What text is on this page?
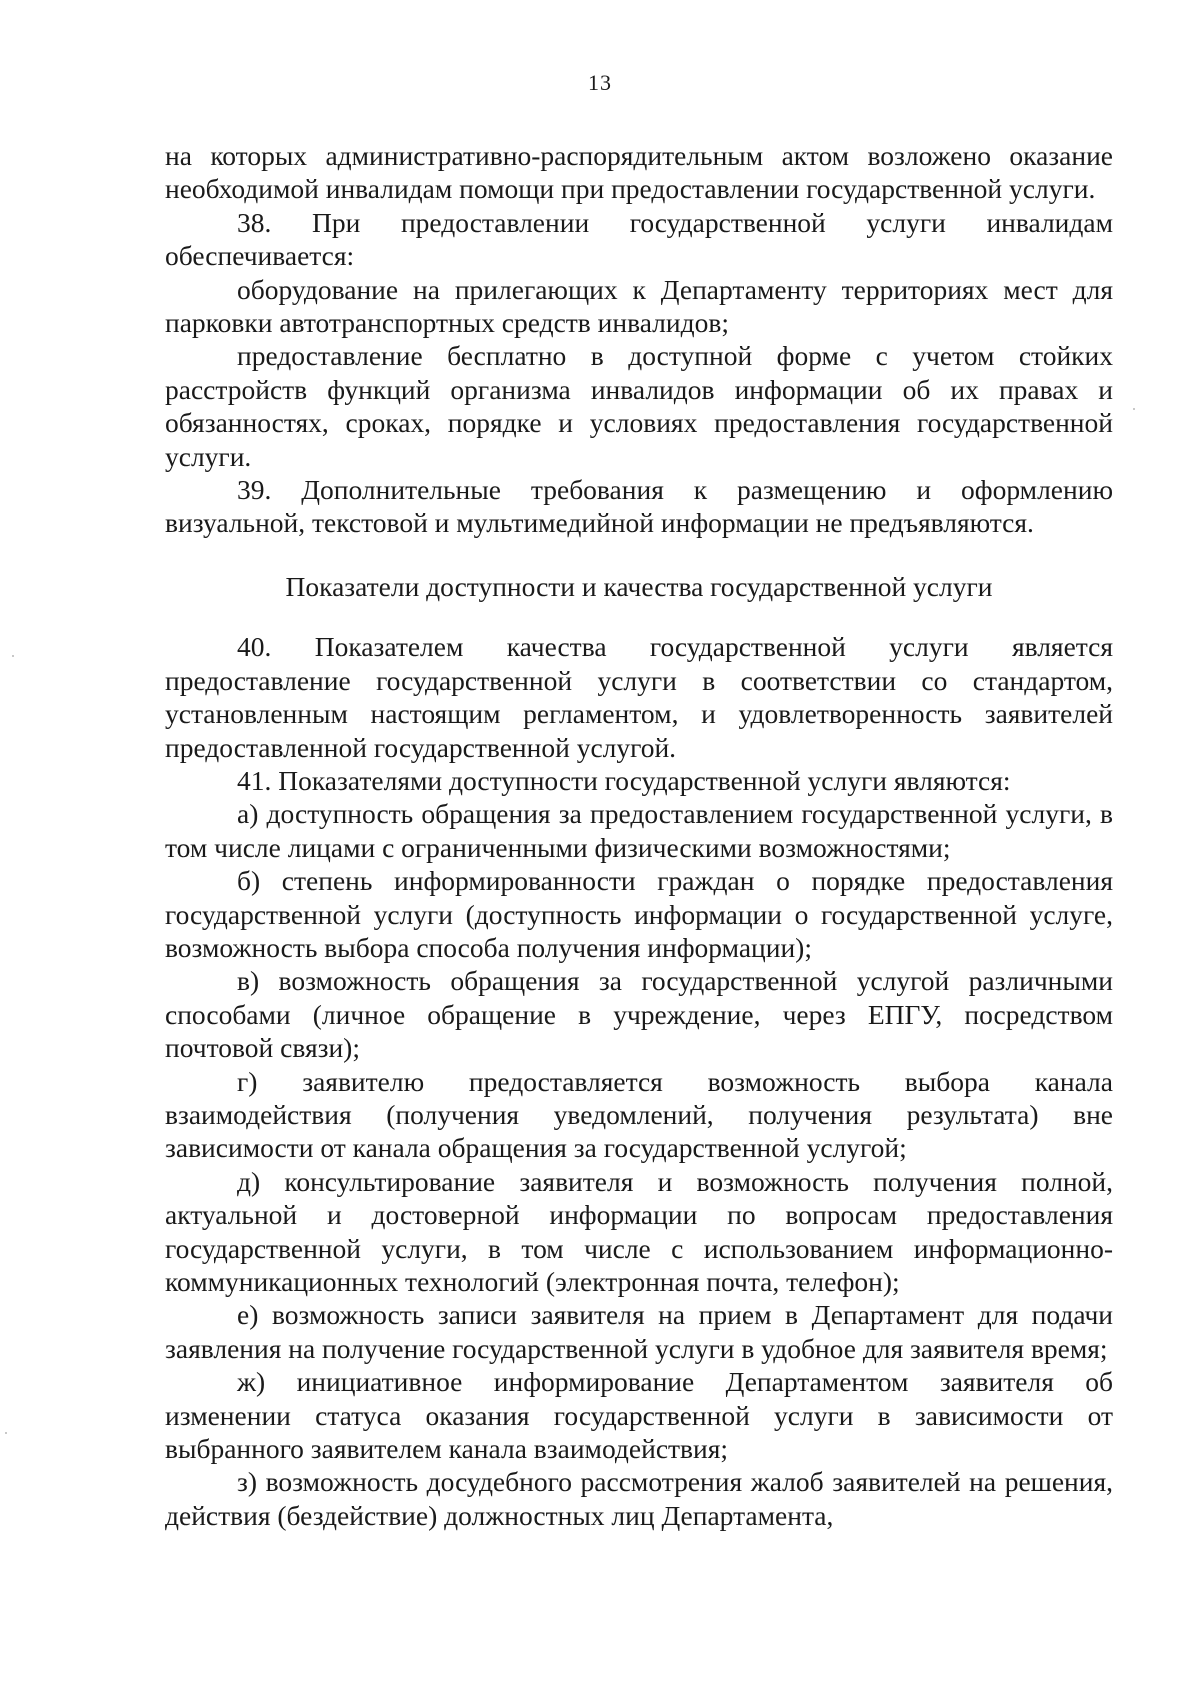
13

на которых административно-распорядительным актом возложено оказание необходимой инвалидам помощи при предоставлении государственной услуги.

38. При предоставлении государственной услуги инвалидам обеспечивается:

оборудование на прилегающих к Департаменту территориях мест для парковки автотранспортных средств инвалидов;

предоставление бесплатно в доступной форме с учетом стойких расстройств функций организма инвалидов информации об их правах и обязанностях, сроках, порядке и условиях предоставления государственной услуги.

39. Дополнительные требования к размещению и оформлению визуальной, текстовой и мультимедийной информации не предъявляются.

Показатели доступности и качества государственной услуги

40. Показателем качества государственной услуги является предоставление государственной услуги в соответствии со стандартом, установленным настоящим регламентом, и удовлетворенность заявителей предоставленной государственной услугой.

41. Показателями доступности государственной услуги являются:

а) доступность обращения за предоставлением государственной услуги, в том числе лицами с ограниченными физическими возможностями;

б) степень информированности граждан о порядке предоставления государственной услуги (доступность информации о государственной услуге, возможность выбора способа получения информации);

в) возможность обращения за государственной услугой различными способами (личное обращение в учреждение, через ЕПГУ, посредством почтовой связи);

г) заявителю предоставляется возможность выбора канала взаимодействия (получения уведомлений, получения результата) вне зависимости от канала обращения за государственной услугой;

д) консультирование заявителя и возможность получения полной, актуальной и достоверной информации по вопросам предоставления государственной услуги, в том числе с использованием информационно-коммуникационных технологий (электронная почта, телефон);

е) возможность записи заявителя на прием в Департамент для подачи заявления на получение государственной услуги в удобное для заявителя время;

ж) инициативное информирование Департаментом заявителя об изменении статуса оказания государственной услуги в зависимости от выбранного заявителем канала взаимодействия;

з) возможность досудебного рассмотрения жалоб заявителей на решения, действия (бездействие) должностных лиц Департамента,
